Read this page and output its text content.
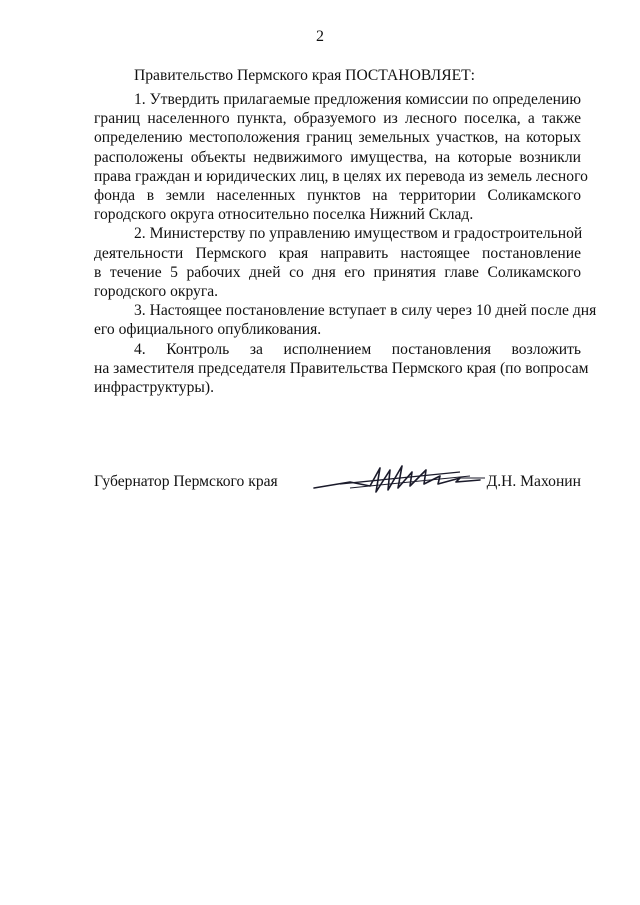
2
Правительство Пермского края ПОСТАНОВЛЯЕТ:
1. Утвердить прилагаемые предложения комиссии по определению
границ населенного пункта, образуемого из лесного поселка, а также
определению местоположения границ земельных участков, на которых
расположены объекты недвижимого имущества, на которые возникли
права граждан и юридических лиц, в целях их перевода из земель лесного
фонда в земли населенных пунктов на территории Соликамского
городского округа относительно поселка Нижний Склад.
2. Министерству по управлению имуществом и градостроительной
деятельности Пермского края направить настоящее постановление
в течение 5 рабочих дней со дня его принятия главе Соликамского
городского округа.
3. Настоящее постановление вступает в силу через 10 дней после дня
его официального опубликования.
4. Контроль за исполнением постановления возложить
на заместителя председателя Правительства Пермского края (по вопросам
инфраструктуры).
Губернатор Пермского края	Д.Н. Махонин
